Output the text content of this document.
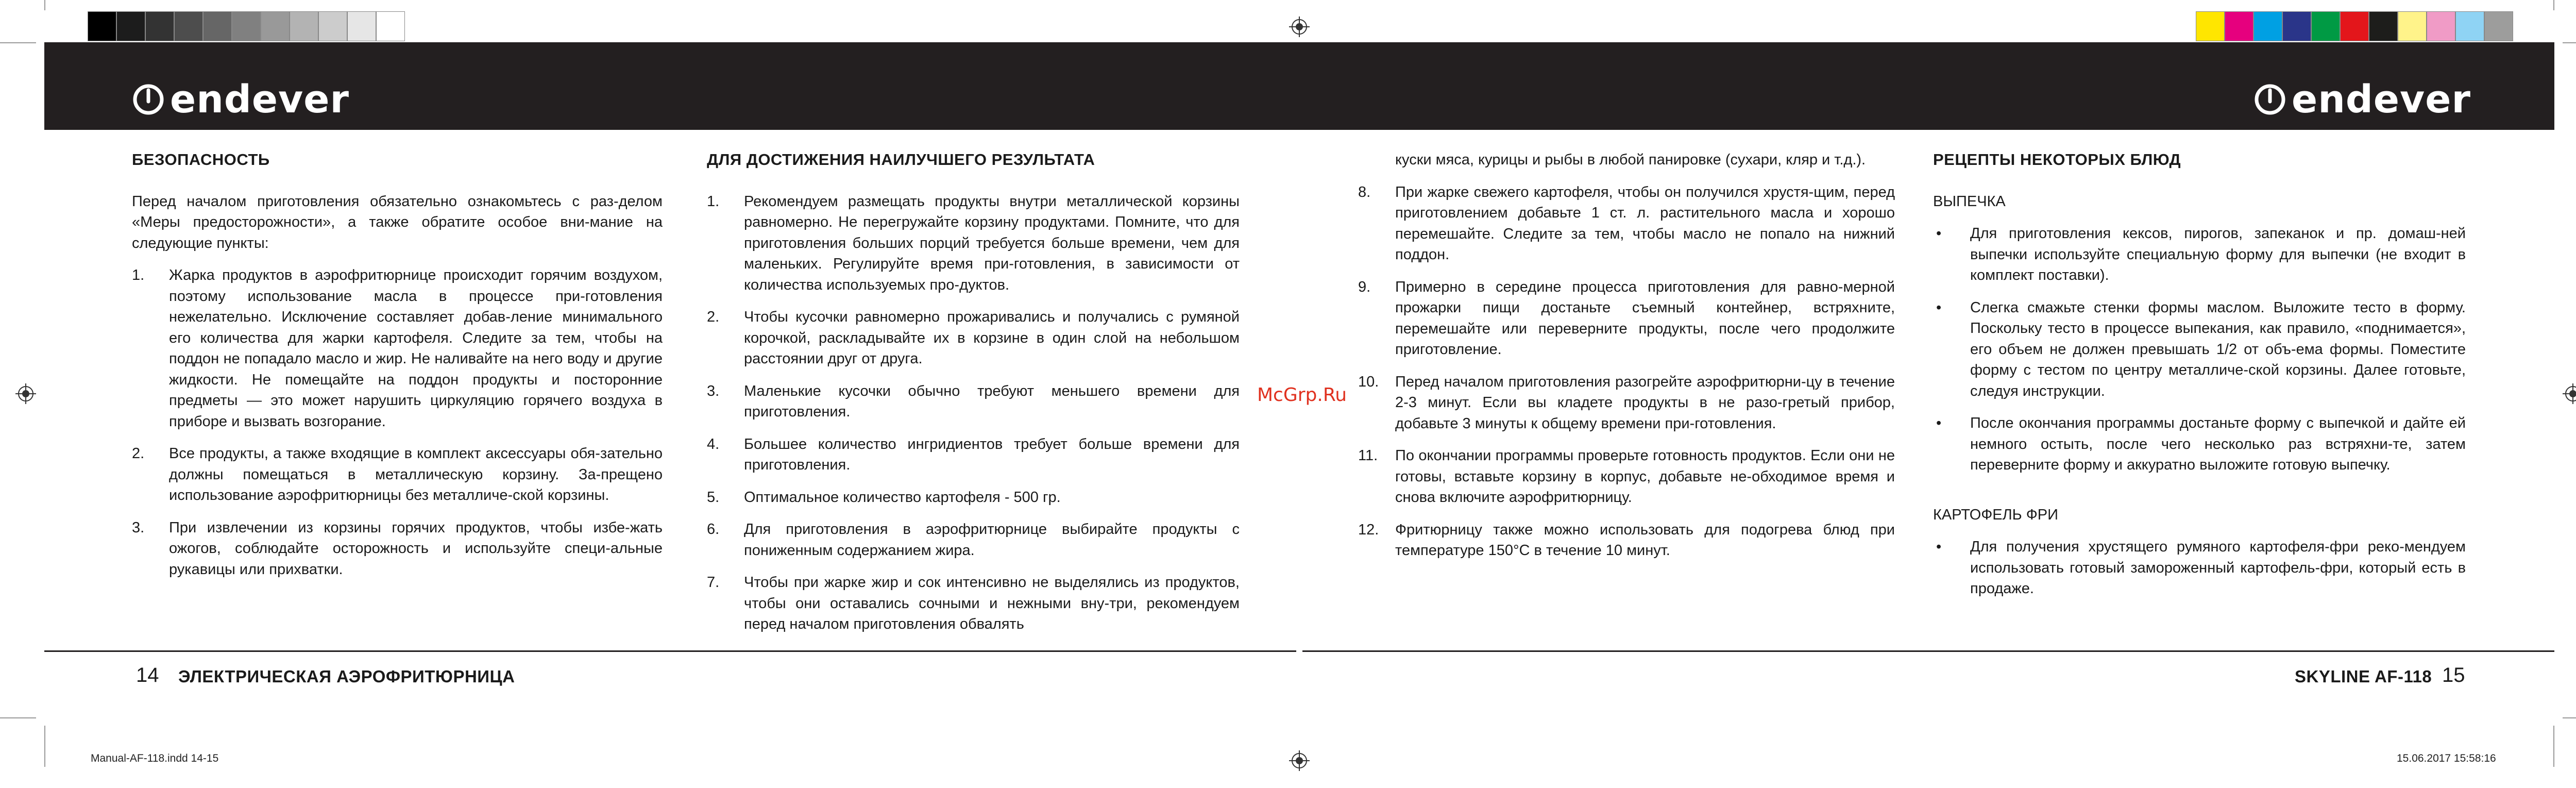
endever	endever
БЕЗОПАСНОСТЬ
Перед началом приготовления обязательно ознакомьтесь с раз-делом «Меры предосторожности», а также обратите особое вни-мание на следующие пункты:
1. Жарка продуктов в аэрофритюрнице происходит горячим воздухом, поэтому использование масла в процессе при-готовления нежелательно. Исключение составляет добав-ление минимального его количества для жарки картофеля. Следите за тем, чтобы на поддон не попадало масло и жир. Не наливайте на него воду и другие жидкости. Не помещайте на поддон продукты и посторонние предметы — это может нарушить циркуляцию горячего воздуха в приборе и вызвать возгорание.
2. Все продукты, а также входящие в комплект аксессуары обя-зательно должны помещаться в металлическую корзину. За-прещено использование аэрофритюрницы без металличе-ской корзины.
3. При извлечении из корзины горячих продуктов, чтобы избе-жать ожогов, соблюдайте осторожность и используйте специ-альные рукавицы или прихватки.
ДЛЯ ДОСТИЖЕНИЯ НАИЛУЧШЕГО РЕЗУЛЬТАТА
1. Рекомендуем размещать продукты внутри металлической корзины равномерно. Не перегружайте корзину продуктами. Помните, что для приготовления больших порций требуется больше времени, чем для маленьких. Регулируйте время при-готовления, в зависимости от количества используемых про-дуктов.
2. Чтобы кусочки равномерно прожаривались и получались с румяной корочкой, раскладывайте их в корзине в один слой на небольшом расстоянии друг от друга.
3. Маленькие кусочки обычно требуют меньшего времени для приготовления.
4. Большее количество ингридиентов требует больше времени для приготовления.
5. Оптимальное количество картофеля - 500 гр.
6. Для приготовления в аэрофритюрнице выбирайте продукты с пониженным содержанием жира.
7. Чтобы при жарке жир и сок интенсивно не выделялись из продуктов, чтобы они оставались сочными и нежными вну-три, рекомендуем перед началом приготовления обвалять
куски мяса, курицы и рыбы в любой панировке (сухари, кляр и т.д.).
8. При жарке свежего картофеля, чтобы он получился хрустя-щим, перед приготовлением добавьте 1 ст. л. растительного масла и хорошо перемешайте. Следите за тем, чтобы масло не попало на нижний поддон.
9. Примерно в середине процесса приготовления для равно-мерной прожарки пищи достаньте съемный контейнер, встряхните, перемешайте или переверните продукты, после чего продолжите приготовление.
10. Перед началом приготовления разогрейте аэрофритюрни-цу в течение 2-3 минут. Если вы кладете продукты в не разо-гретый прибор, добавьте 3 минуты к общему времени при-готовления.
11. По окончании программы проверьте готовность продуктов. Если они не готовы, вставьте корзину в корпус, добавьте не-обходимое время и снова включите аэрофритюрницу.
12. Фритюрницу также можно использовать для подогрева блюд при температуре 150°C в течение 10 минут.
РЕЦЕПТЫ НЕКОТОРЫХ БЛЮД
ВЫПЕЧКА
• Для приготовления кексов, пирогов, запеканок и пр. домаш-ней выпечки используйте специальную форму для выпечки (не входит в комплект поставки).
• Слегка смажьте стенки формы маслом. Выложите тесто в форму. Поскольку тесто в процессе выпекания, как правило, «поднимается», его объем не должен превышать 1/2 от объ-ема формы. Поместите форму с тестом по центру металличе-ской корзины. Далее готовьте, следуя инструкции.
• После окончания программы достаньте форму с выпечкой и дайте ей немного остыть, после чего несколько раз встряхни-те, затем переверните форму и аккуратно выложите готовую выпечку.
КАРТОФЕЛЬ ФРИ
• Для получения хрустящего румяного картофеля-фри реко-мендуем использовать готовый замороженный картофель-фри, который есть в продаже.
McGrp.Ru
14 ЭЛЕКТРИЧЕСКАЯ АЭРОФРИТЮРНИЦА	SKYLINE AF-118 15
Manual-AF-118.indd 14-15	15.06.2017 15:58:16
